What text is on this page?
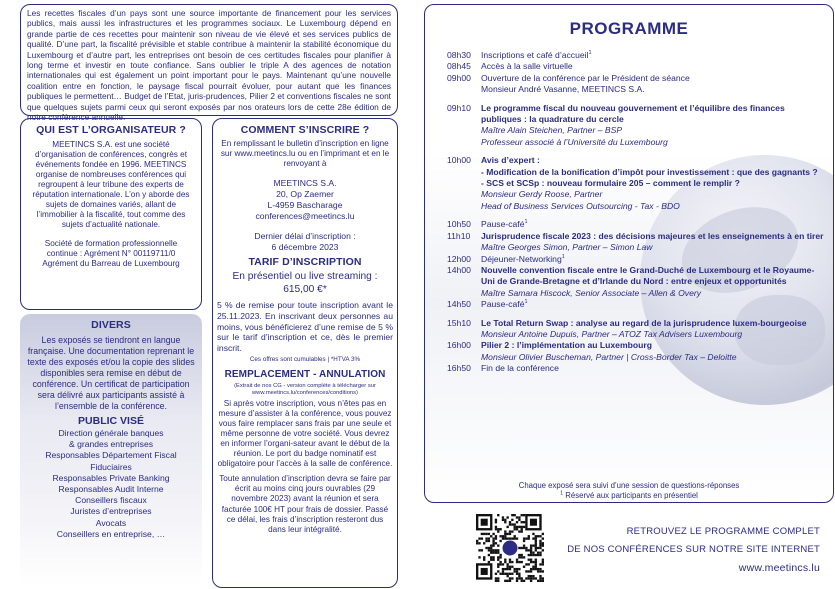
Les recettes fiscales d’un pays sont une source importante de financement pour les services publics, mais aussi les infrastructures et les programmes sociaux. Le Luxembourg dépend en grande partie de ces recettes pour maintenir son niveau de vie élevé et ses services publics de qualité. D’une part, la fiscalité prévisible et stable contribue à maintenir la stabilité économique du Luxembourg et d’autre part, les entreprises ont besoin de ces certitudes fiscales pour planifier à long terme et investir en toute confiance. Sans oublier le triple A des agences de notation internationales qui est également un point important pour le pays. Maintenant qu’une nouvelle coalition entre en fonction, le paysage fiscal pourrait évoluer, pour autant que les finances publiques le permettent… Budget de l’Etat, juris-prudences, Pilier 2 et conventions fiscales ne sont que quelques sujets parmi ceux qui seront exposés par nos orateurs lors de cette 28e édition de notre conférence annuelle.

QUI EST L’ORGANISATEUR ?
MEETINCS S.A. est une société d’organisation de conférences, congrès et événements fondée en 1996. MEETINCS organise de nombreuses conférences qui regroupent à leur tribune des experts de réputation internationale. L’on y aborde des sujets de domaines variés, allant de l’immobilier à la fiscalité, tout comme des sujets d’actualité nationale.
Société de formation professionnelle continue : Agrément N° 00119711/0 Agrément du Barreau de Luxembourg
DIVERS
Les exposés se tiendront en langue française. Une documentation reprenant le texte des exposés et/ou la copie des slides disponibles sera remise en début de conférence. Un certificat de participation sera délivré aux participants assisté à l’ensemble de la conférence.
PUBLIC VISÉ
Direction générale banques
& grandes entreprises
Responsables Département Fiscal
Fiduciaires
Responsables Private Banking
Responsables Audit Interne
Conseillers fiscaux
Juristes d’entreprises
Avocats
Conseillers en entreprise, …
COMMENT S’INSCRIRE ?
En remplissant le bulletin d’inscription en ligne sur www.meetincs.lu ou en l’imprimant et en le renvoyant à
MEETINCS S.A.
20, Op Zaemer
L-4959 Bascharage
conferences@meetincs.lu
Dernier délai d’inscription :
6 décembre 2023
TARIF D’INSCRIPTION
En présentiel ou live streaming :
615,00 €*
5 % de remise pour toute inscription avant le 25.11.2023. En inscrivant deux personnes au moins, vous bénéficierez d’une remise de 5 % sur le tarif d’inscription et ce, dès le premier inscrit.
Ces offres sont cumulables | *HTVA 3%
REMPLACEMENT - ANNULATION
(Extrait de nos CG - version complète à télécharger sur www.meetincs.lu/conferences/conditions)
Si après votre inscription, vous n’êtes pas en mesure d’assister à la conférence, vous pouvez vous faire remplacer sans frais par une seule et même personne de votre société. Vous devrez en informer l’organi-sateur avant le début de la réunion. Le port du badge nominatif est obligatoire pour l’accès à la salle de conférence.
Toute annulation d’inscription devra se faire par écrit au moins cinq jours ouvrables (29 novembre 2023) avant la réunion et sera facturée 100€ HT pour frais de dossier. Passé ce délai, les frais d’inscription resteront dus dans leur intégralité.
PROGRAMME
08h30	Inscriptions et café d’accueil$^1$
08h45	Accès à la salle virtuelle
09h00	Ouverture de la conférence par le Président de séance
Monsieur André Vasanne, MEETINCS S.A.
09h10	Le programme fiscal du nouveau gouvernement et l’équilibre des finances publiques : la quadrature du cercle
Maître Alain Steichen, Partner – BSP
Professeur associé à l’Université du Luxembourg
10h00	Avis d’expert :
- Modification de la bonification d’impôt pour investissement : que des gagnants ?
- SCS et SCSp : nouveau formulaire 205 – comment le remplir ?
Monsieur Gerdy Roose, Partner
Head of Business Services Outsourcing - Tax - BDO
10h50	Pause-café$^1$
11h10	Jurisprudence fiscale 2023 : des décisions majeures et les enseignements à en tirer
Maître Georges Simon, Partner – Simon Law
12h00	Déjeuner-Networking$^1$
14h00	Nouvelle convention fiscale entre le Grand-Duché de Luxembourg et le Royaume-Uni de Grande-Bretagne et d’Irlande du Nord : entre enjeux et opportunités
Maître Samara Hiscock, Senior Associate – Allen & Overy
14h50	Pause-café$^1$
15h10	Le Total Return Swap : analyse au regard de la jurisprudence luxem-bourgeoise
Monsieur Antoine Dupuis, Partner – ATOZ Tax Advisers Luxembourg
16h00	Pilier 2 : l’implémentation au Luxembourg
Monsieur Olivier Buscheman, Partner | Cross-Border Tax – Deloitte
16h50	Fin de la conférence
Chaque exposé sera suivi d’une session de questions-réponses
$^1$ Réservé aux participants en présentiel
RETROUVEZ LE PROGRAMME COMPLET
DE NOS CONFÉRENCES SUR NOTRE SITE INTERNET
www.meetincs.lu
